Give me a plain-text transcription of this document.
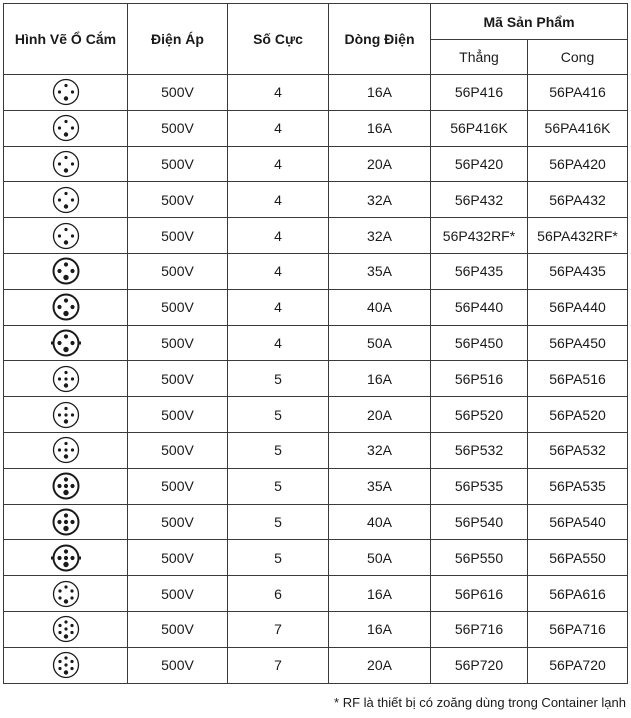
Hình Vẽ Ổ Cắm	Điện Áp	Số Cực	Dòng Điện	Mã Sản Phẩm	
				Thẳng	Cong

	500V	4	16A	56P416	56PA416

	500V	4	16A	56P416K	56PA416K

	500V	4	20A	56P420	56PA420

	500V	4	32A	56P432	56PA432

	500V	4	32A	56P432RF*	56PA432RF*

	500V	4	35A	56P435	56PA435

	500V	4	40A	56P440	56PA440

	500V	4	50A	56P450	56PA450

	500V	5	16A	56P516	56PA516

	500V	5	20A	56P520	56PA520

	500V	5	32A	56P532	56PA532

	500V	5	35A	56P535	56PA535

	500V	5	40A	56P540	56PA540

	500V	5	50A	56P550	56PA550

	500V	6	16A	56P616	56PA616

	500V	7	16A	56P716	56PA716

	500V	7	20A	56P720	56PA720
* RF là thiết bị có zoăng dùng trong Container lạnh
